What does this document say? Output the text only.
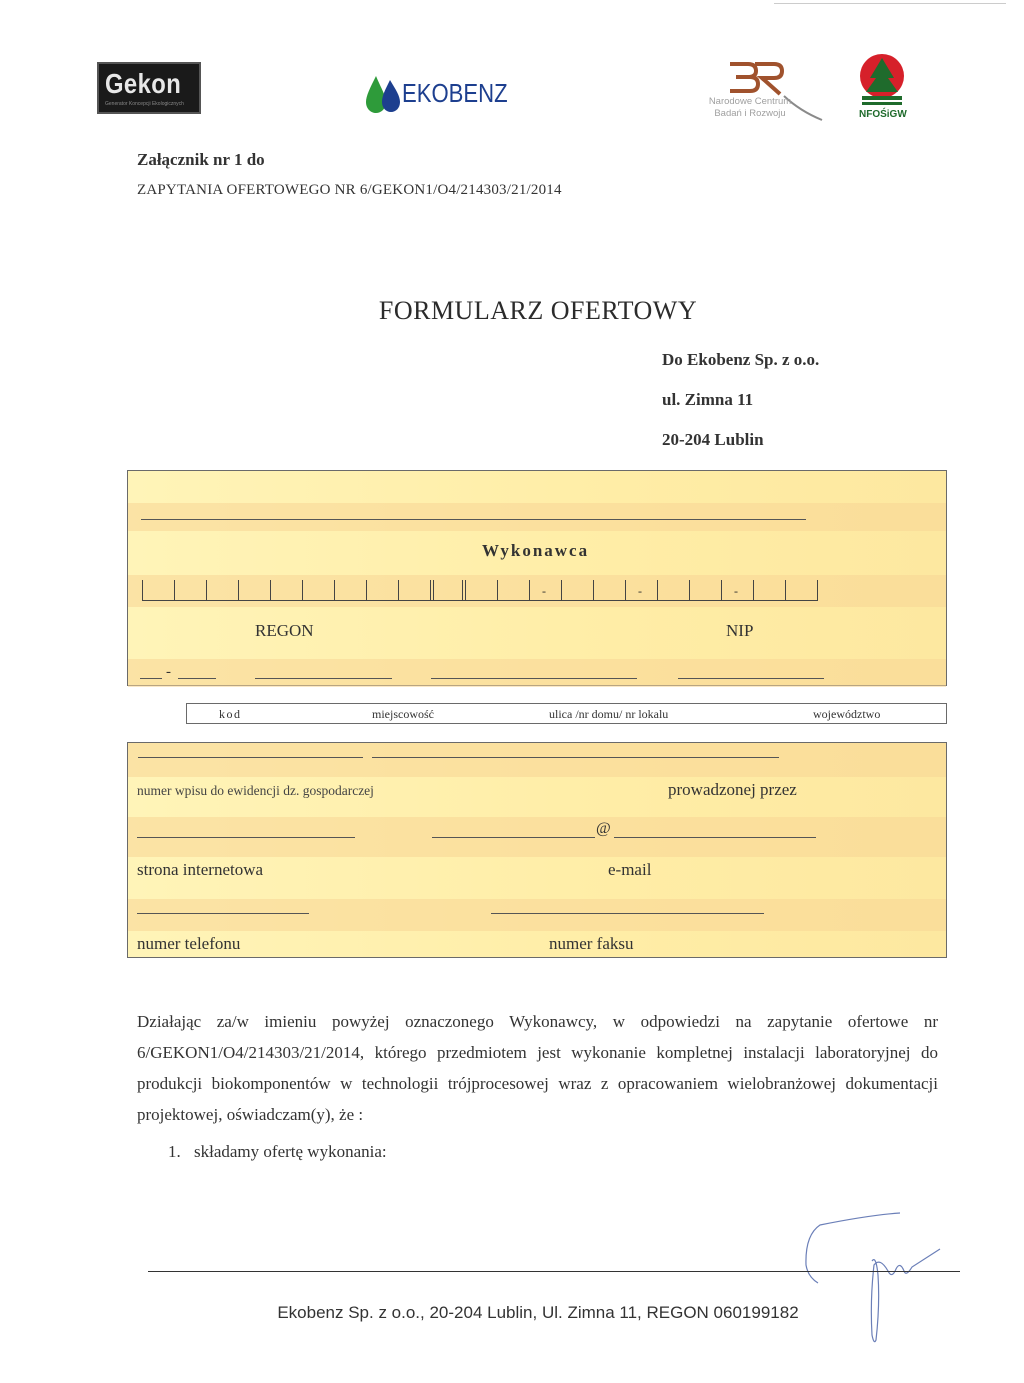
Gekon
Generator Koncepcji Ekologicznych	EKOBENZ	Narodowe Centrum Badań i Rozwoju	NFOŚiGW
Załącznik nr 1 do
ZAPYTANIA OFERTOWEGO NR 6/GEKON1/O4/214303/21/2014
FORMULARZ OFERTOWY
Do Ekobenz Sp. z o.o.
ul. Zimna 11
20-204 Lublin
Wykonawca
REGON	NIP
-
-	-	-
kod	miejscowość	ulica /nr domu/ nr lokalu	województwo
numer wpisu do ewidencji dz. gospodarczej	prowadzonej przez
@
strona internetowa	e-mail
numer telefonu	numer faksu
Działając za/w imieniu powyżej oznaczonego Wykonawcy, w odpowiedzi na zapytanie ofertowe nr 6/GEKON1/O4/214303/21/2014, którego przedmiotem jest wykonanie kompletnej instalacji laboratoryjnej do produkcji biokomponentów w technologii trójprocesowej wraz z opracowaniem wielobranżowej dokumentacji projektowej, oświadczam(y), że :
1. składamy ofertę wykonania:
Ekobenz Sp. z o.o., 20-204 Lublin, Ul. Zimna 11, REGON 060199182
